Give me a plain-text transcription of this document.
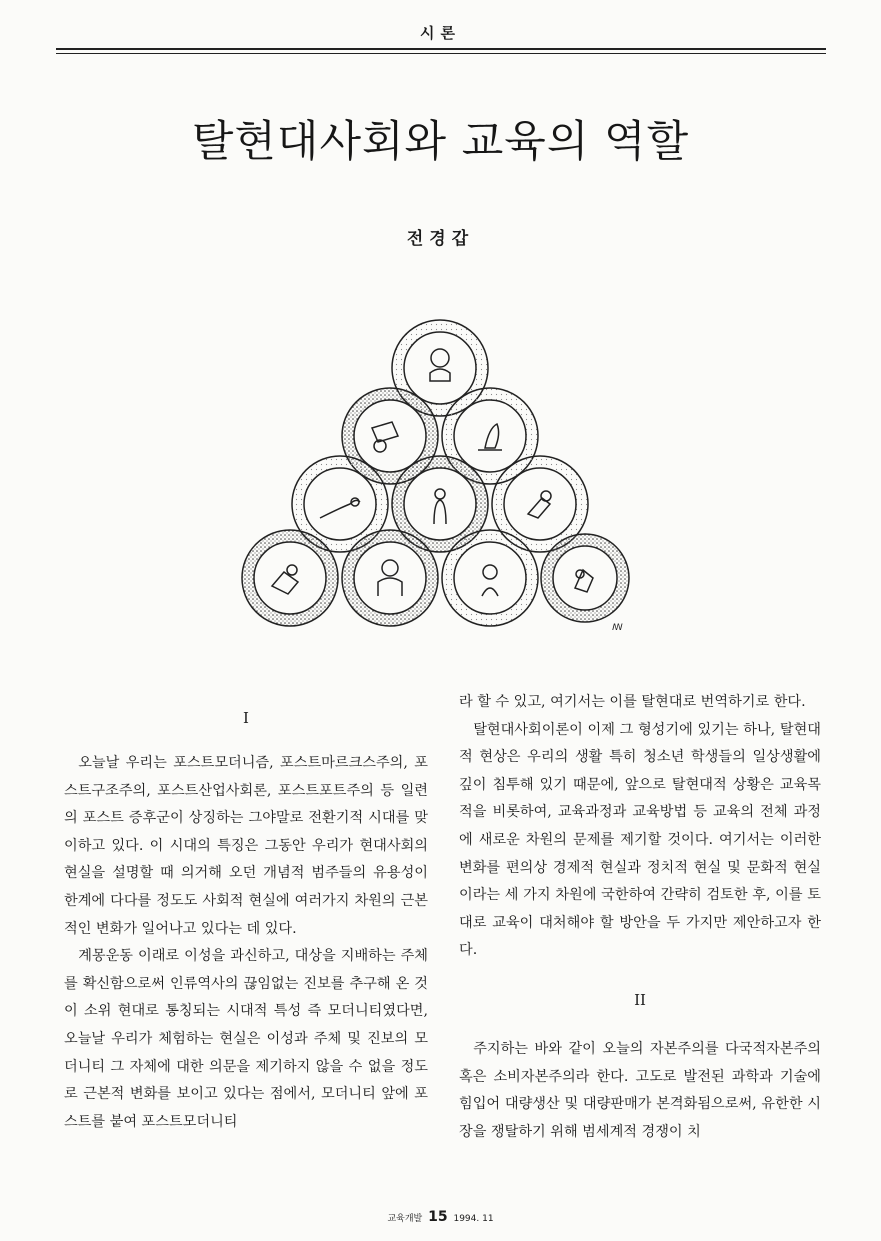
시론
탈현대사회와 교육의 역할
전경갑
ꟿ
I

오늘날 우리는 포스트모더니즘, 포스트마르크스주의, 포스트구조주의, 포스트산업사회론, 포스트포트주의 등 일련의 포스트 증후군이 상징하는 그야말로 전환기적 시대를 맞이하고 있다. 이 시대의 특징은 그동안 우리가 현대사회의 현실을 설명할 때 의거해 오던 개념적 범주들의 유용성이 한계에 다다를 정도도 사회적 현실에 여러가지 차원의 근본적인 변화가 일어나고 있다는 데 있다.

계몽운동 이래로 이성을 과신하고, 대상을 지배하는 주체를 확신함으로써 인류역사의 끊임없는 진보를 추구해 온 것이 소위 현대로 통칭되는 시대적 특성 즉 모더니티였다면, 오늘날 우리가 체험하는 현실은 이성과 주체 및 진보의 모더니티 그 자체에 대한 의문을 제기하지 않을 수 없을 정도로 근본적 변화를 보이고 있다는 점에서, 모더니티 앞에 포스트를 붙여 포스트모더니티

라 할 수 있고, 여기서는 이를 탈현대로 번역하기로 한다.

탈현대사회이론이 이제 그 형성기에 있기는 하나, 탈현대적 현상은 우리의 생활 특히 청소년 학생들의 일상생활에 깊이 침투해 있기 때문에, 앞으로 탈현대적 상황은 교육목적을 비롯하여, 교육과정과 교육방법 등 교육의 전체 과정에 새로운 차원의 문제를 제기할 것이다. 여기서는 이러한 변화를 편의상 경제적 현실과 정치적 현실 및 문화적 현실이라는 세 가지 차원에 국한하여 간략히 검토한 후, 이를 토대로 교육이 대처해야 할 방안을 두 가지만 제안하고자 한다.

II

주지하는 바와 같이 오늘의 자본주의를 다국적자본주의 혹은 소비자본주의라 한다. 고도로 발전된 과학과 기술에 힘입어 대량생산 및 대량판매가 본격화됨으로써, 유한한 시장을 쟁탈하기 위해 범세계적 경쟁이 치

교육개발 15 1994. 11
